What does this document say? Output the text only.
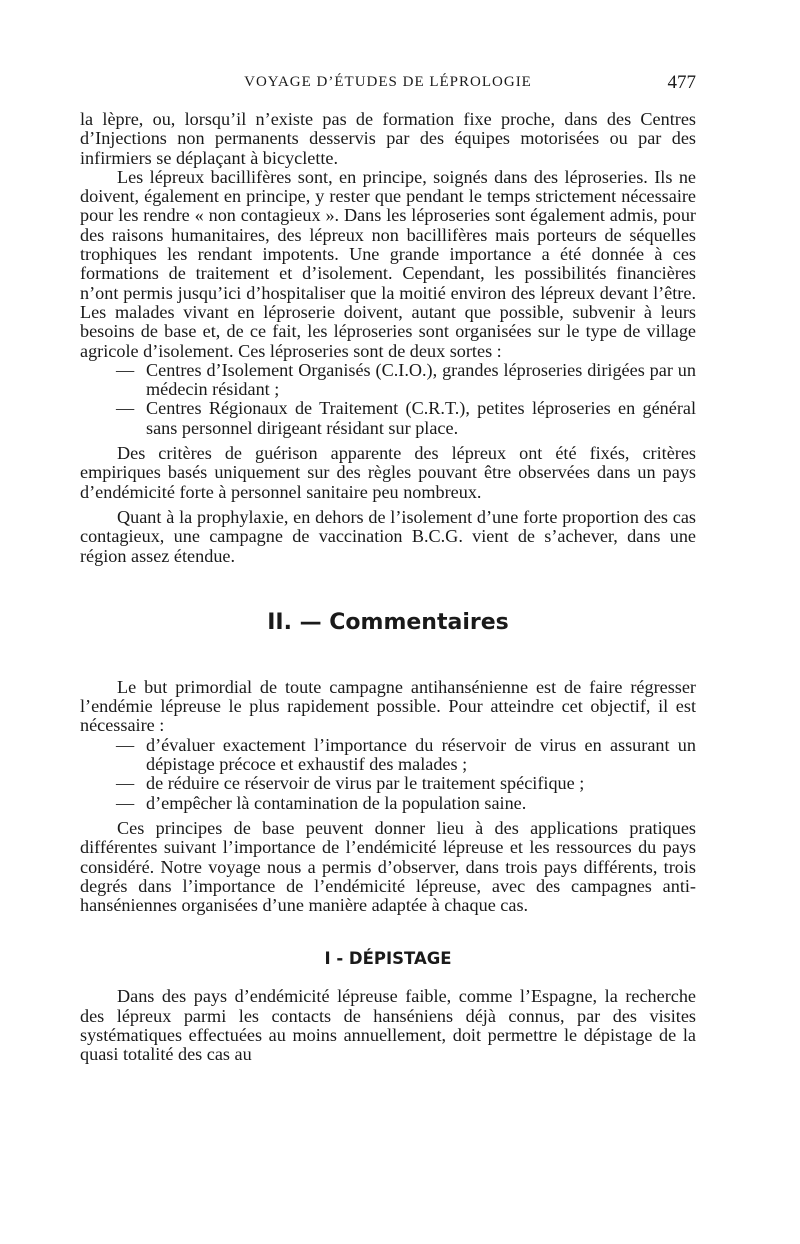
VOYAGE D’ÉTUDES DE LÉPROLOGIE	477

la lèpre, ou, lorsqu’il n’existe pas de formation fixe proche, dans des Centres d’Injections non permanents desservis par des équipes motorisées ou par des infirmiers se déplaçant à bicyclette.

Les lépreux bacillifères sont, en principe, soignés dans des léproseries. Ils ne doivent, également en principe, y rester que pendant le temps strictement nécessaire pour les rendre « non contagieux ». Dans les léproseries sont également admis, pour des raisons humanitaires, des lépreux non bacillifères mais porteurs de séquelles trophiques les rendant impotents. Une grande importance a été donnée à ces formations de traitement et d’isolement. Cependant, les possibilités financières n’ont permis jusqu’ici d’hospitaliser que la moitié environ des lépreux devant l’être. Les malades vivant en léproserie doivent, autant que possible, subvenir à leurs besoins de base et, de ce fait, les léproseries sont organisées sur le type de village agricole d’isolement. Ces léproseries sont de deux sortes :

— Centres d’Isolement Organisés (C.I.O.), grandes léproseries dirigées par un médecin résidant ;
— Centres Régionaux de Traitement (C.R.T.), petites léproseries en général sans personnel dirigeant résidant sur place.

Des critères de guérison apparente des lépreux ont été fixés, critères empiriques basés uniquement sur des règles pouvant être observées dans un pays d’endémicité forte à personnel sanitaire peu nombreux.

Quant à la prophylaxie, en dehors de l’isolement d’une forte proportion des cas contagieux, une campagne de vaccination B.C.G. vient de s’achever, dans une région assez étendue.

II. — Commentaires

Le but primordial de toute campagne antihansénienne est de faire régresser l’endémie lépreuse le plus rapidement possible. Pour atteindre cet objectif, il est nécessaire :

— d’évaluer exactement l’importance du réservoir de virus en assurant un dépistage précoce et exhaustif des malades ;
— de réduire ce réservoir de virus par le traitement spécifique ;
— d’empêcher là contamination de la population saine.

Ces principes de base peuvent donner lieu à des applications pratiques différentes suivant l’importance de l’endémicité lépreuse et les ressources du pays considéré. Notre voyage nous a permis d’observer, dans trois pays différents, trois degrés dans l’importance de l’endémicité lépreuse, avec des campagnes anti-hanséniennes organisées d’une manière adaptée à chaque cas.

I - DÉPISTAGE

Dans des pays d’endémicité lépreuse faible, comme l’Espagne, la recherche des lépreux parmi les contacts de hanséniens déjà connus, par des visites systématiques effectuées au moins annuellement, doit permettre le dépistage de la quasi totalité des cas au
